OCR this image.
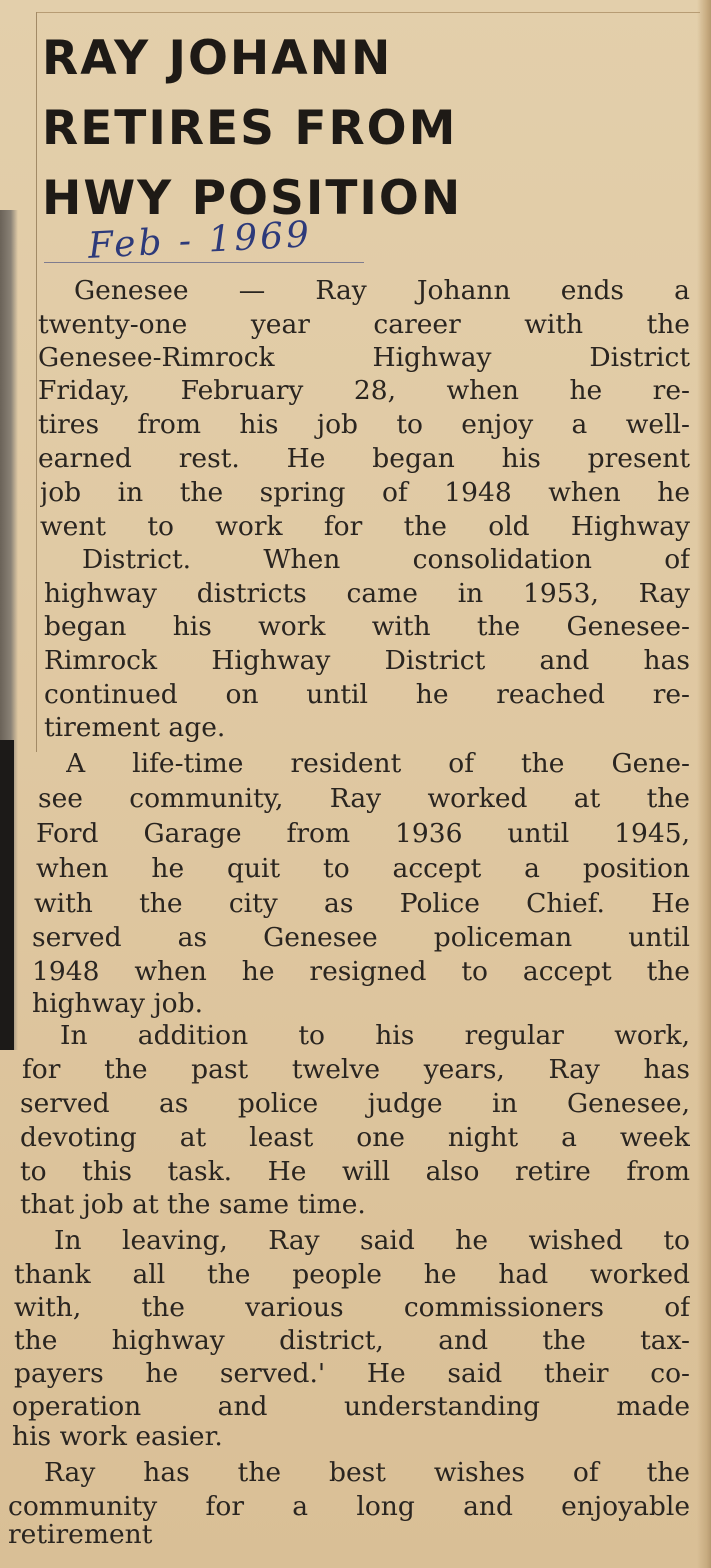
RAY JOHANN
RETIRES FROM
HWY POSITION
Feb - 1969
Genesee — Ray Johann ends a
twenty-one year career with the
Genesee-Rimrock Highway District
Friday, February 28, when he re-
tires from his job to enjoy a well-
earned rest. He began his present
job in the spring of 1948 when he
went to work for the old Highway
District. When consolidation of
highway districts came in 1953, Ray
began his work with the Genesee-
Rimrock Highway District and has
continued on until he reached re-
tirement age.
A life-time resident of the Gene-
see community, Ray worked at the
Ford Garage from 1936 until 1945,
when he quit to accept a position
with the city as Police Chief. He
served as Genesee policeman until
1948 when he resigned to accept the
highway job.
In addition to his regular work,
for the past twelve years, Ray has
served as police judge in Genesee,
devoting at least one night a week
to this task. He will also retire from
that job at the same time.
In leaving, Ray said he wished to
thank all the people he had worked
with, the various commissioners of
the highway district, and the tax-
payers he served.' He said their co-
operation and understanding made
his work easier.
Ray has the best wishes of the
community for a long and enjoyable
retirement
